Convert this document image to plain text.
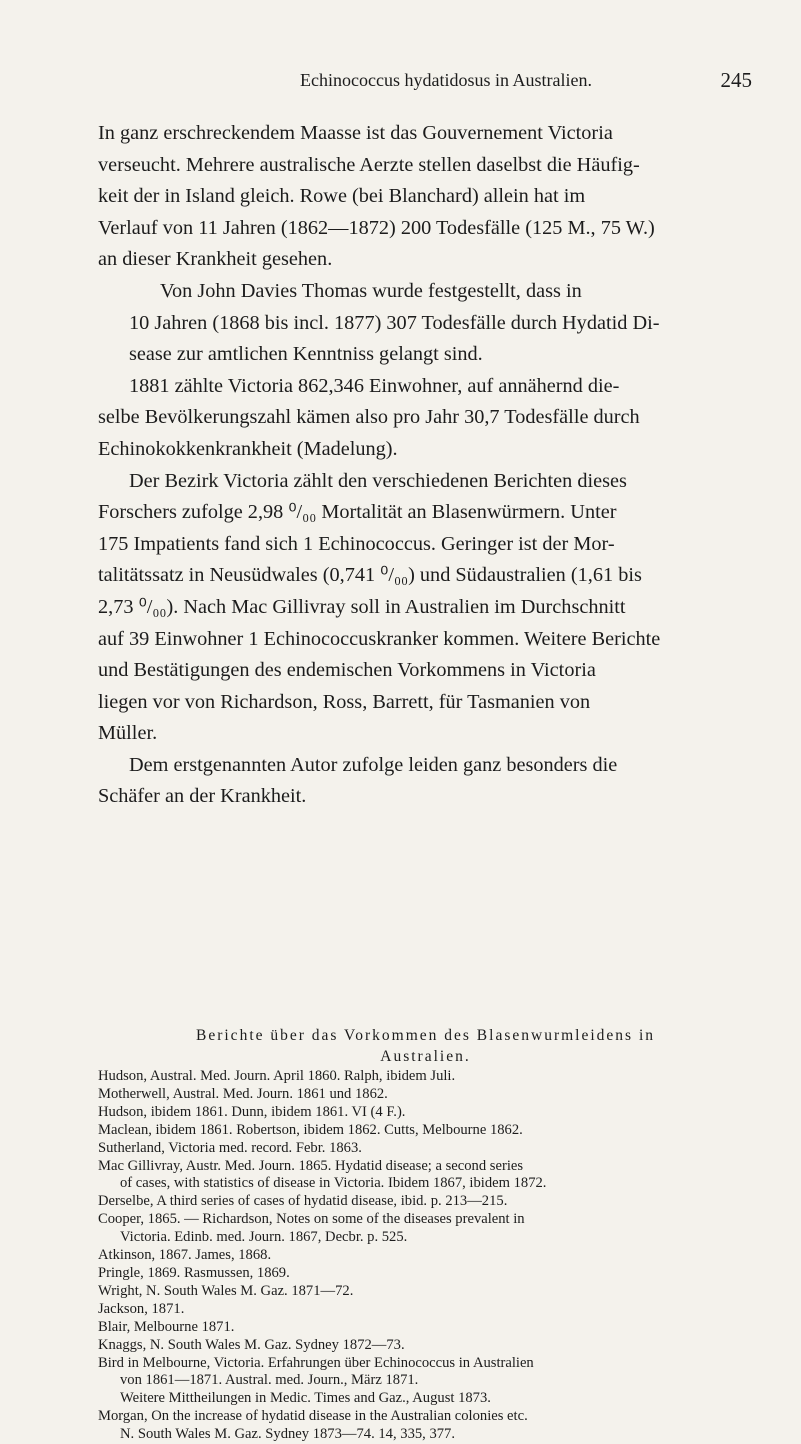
Echinococcus hydatidosus in Australien.	245

In ganz erschreckendem Maasse ist das Gouvernement Victoria
verseucht. Mehrere australische Aerzte stellen daselbst die Häufig-
keit der in Island gleich. Rowe (bei Blanchard) allein hat im
Verlauf von 11 Jahren (1862—1872) 200 Todesfälle (125 M., 75 W.)
an dieser Krankheit gesehen.

Von John Davies Thomas wurde festgestellt, dass in
10 Jahren (1868 bis incl. 1877) 307 Todesfälle durch Hydatid Di-
sease zur amtlichen Kenntniss gelangt sind.

1881 zählte Victoria 862,346 Einwohner, auf annähernd die-
selbe Bevölkerungszahl kämen also pro Jahr 30,7 Todesfälle durch
Echinokokkenkrankheit (Madelung).

Der Bezirk Victoria zählt den verschiedenen Berichten dieses
Forschers zufolge 2,98 ⁰/₀₀ Mortalität an Blasenwürmern. Unter
175 Impatients fand sich 1 Echinococcus. Geringer ist der Mor-
talitätssatz in Neusüdwales (0,741 ⁰/₀₀) und Südaustralien (1,61 bis
2,73 ⁰/₀₀). Nach Mac Gillivray soll in Australien im Durchschnitt
auf 39 Einwohner 1 Echinococcuskranker kommen. Weitere Berichte
und Bestätigungen des endemischen Vorkommens in Victoria
liegen vor von Richardson, Ross, Barrett, für Tasmanien von
Müller.

Dem erstgenannten Autor zufolge leiden ganz besonders die
Schäfer an der Krankheit.

Berichte über das Vorkommen des Blasenwurmleidens in
Australien.
Hudson, Austral. Med. Journ. April 1860. Ralph, ibidem Juli.
Motherwell, Austral. Med. Journ. 1861 und 1862.
Hudson, ibidem 1861. Dunn, ibidem 1861. VI (4 F.).
Maclean, ibidem 1861. Robertson, ibidem 1862. Cutts, Melbourne 1862.
Sutherland, Victoria med. record. Febr. 1863.
Mac Gillivray, Austr. Med. Journ. 1865. Hydatid disease; a second series
of cases, with statistics of disease in Victoria. Ibidem 1867, ibidem 1872.
Derselbe, A third series of cases of hydatid disease, ibid. p. 213—215.
Cooper, 1865. — Richardson, Notes on some of the diseases prevalent in
Victoria. Edinb. med. Journ. 1867, Decbr. p. 525.
Atkinson, 1867. James, 1868.
Pringle, 1869. Rasmussen, 1869.
Wright, N. South Wales M. Gaz. 1871—72.
Jackson, 1871.
Blair, Melbourne 1871.
Knaggs, N. South Wales M. Gaz. Sydney 1872—73.
Bird in Melbourne, Victoria. Erfahrungen über Echinococcus in Australien
von 1861—1871. Austral. med. Journ., März 1871.
Weitere Mittheilungen in Medic. Times and Gaz., August 1873.
Morgan, On the increase of hydatid disease in the Australian colonies etc.
N. South Wales M. Gaz. Sydney 1873—74. 14, 335, 377.
